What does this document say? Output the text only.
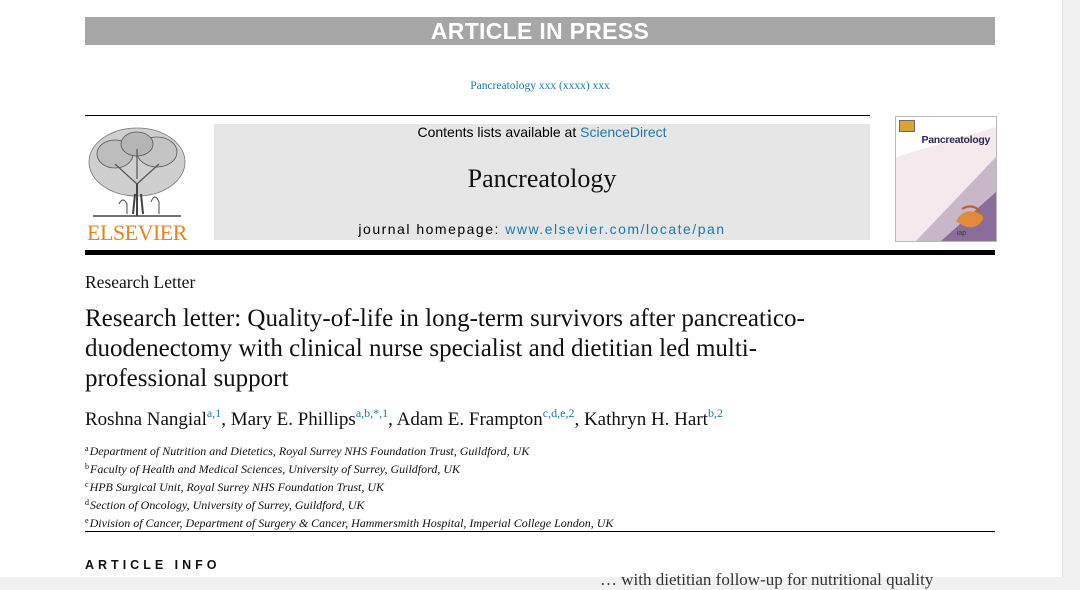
ARTICLE IN PRESS
Pancreatology xxx (xxxx) xxx
ELSEVIER
Contents lists available at ScienceDirect
Pancreatology
journal homepage: www.elsevier.com/locate/pan
Pancreatology
iap
Research Letter
Research letter: Quality-of-life in long-term survivors after pancreatico-duodenectomy with clinical nurse specialist and dietitian led multi-professional support
Roshna Nangial$^{a,1}$, Mary E. Phillips$^{a,b,*,1}$, Adam E. Frampton$^{c,d,e,2}$, Kathryn H. Hart$^{b,2}$
$^a$Department of Nutrition and Dietetics, Royal Surrey NHS Foundation Trust, Guildford, UK
$^b$Faculty of Health and Medical Sciences, University of Surrey, Guildford, UK
$^c$HPB Surgical Unit, Royal Surrey NHS Foundation Trust, UK
$^d$Section of Oncology, University of Surrey, Guildford, UK
$^e$Division of Cancer, Department of Surgery & Cancer, Hammersmith Hospital, Imperial College London, UK
ARTICLE INFO
… with dietitian follow-up for nutritional quality
